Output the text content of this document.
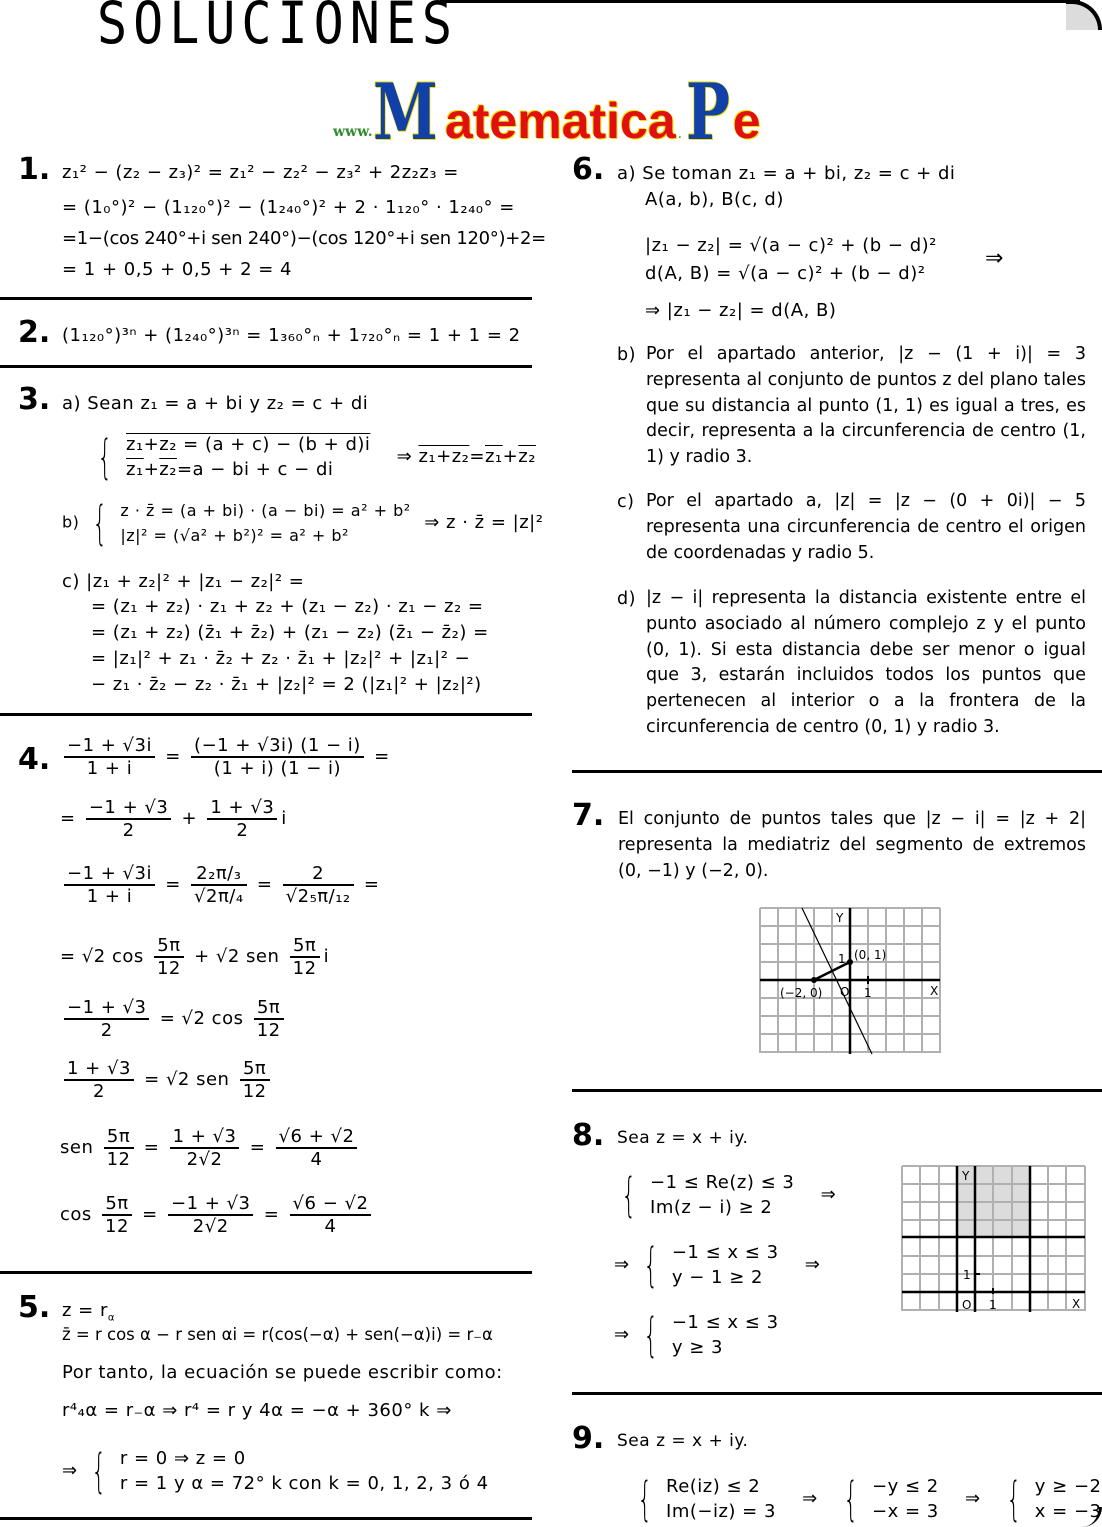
SOLUCIONES
www. M atematica . P e
1. z₁² − (z₂ − z₃)² = z₁² − z₂² − z₃² + 2z₂z₃ =
= (1₀°)² − (1₁₂₀°)² − (1₂₄₀°)² + 2 · 1₁₂₀° · 1₂₄₀° =
=1−(cos 240°+i sen 240°)−(cos 120°+i sen 120°)+2=
= 1 + 0,5 + 0,5 + 2 = 4
2. (1₁₂₀°)³ⁿ + (1₂₄₀°)³ⁿ = 1₃₆₀°ₙ + 1₇₂₀°ₙ = 1 + 1 = 2
3. a) Sean z₁ = a + bi y z₂ = c + di
{ z₁+z₂ = (a + c) − (b + d)i
z₁+z₂=a − bi + c − di
⇒ z₁+z₂=z₁+z₂
b) { z · z̄ = (a + bi) · (a − bi) = a² + b²
|z|² = (√a² + b²)² = a² + b²
⇒ z · z̄ = |z|²
c) |z₁ + z₂|² + |z₁ − z₂|² =
= (z₁ + z₂) · z₁ + z₂ + (z₁ − z₂) · z₁ − z₂ =
= (z₁ + z₂) (z̄₁ + z̄₂) + (z₁ − z₂) (z̄₁ − z̄₂) =
= |z₁|² + z₁ · z̄₂ + z₂ · z̄₁ + |z₂|² + |z₁|² −
− z₁ · z̄₂ − z₂ · z̄₁ + |z₂|² = 2 (|z₁|² + |z₂|²)
4. $\frac{-1 + √3i}{1 + i} = \frac{(-1 + √3i) (1 - i)}{(1 + i) (1 - i)}$ =
= $\frac{-1 + √3}{2} + \frac{1 + √3}{2}$ i
$\frac{-1 + √3i}{1 + i} = \frac{\text{2₂π/₃}}{\text{√2π/₄}} = \frac{2}{\text{√2₅π/₁₂}}$ =
= √2 $\cos \frac{5\pi}{12} + √2$ sen $\frac{5\pi}{12}$ i
$\frac{-1 + √3}{2} = √2$ $\cos \frac{5\pi}{12}$
$\frac{1 + √3}{2} = √2$ sen $\frac{5\pi}{12}$
sen $\frac{5\pi}{12} = \frac{1 + √3}{2√2} = \frac{√6 + √2}{4}$
$\cos \frac{5\pi}{12} = \frac{-1 + √3}{2√2} = \frac{√6 - √2}{4}$
5. $z = r_\alpha$
z̄ = r cos α − r sen αi = r(cos(−α) + sen(−α)i) = r₋α
Por tanto, la ecuación se puede escribir como:
r⁴₄α = r₋α ⇒ r⁴ = r y 4α = −α + 360° k ⇒
⇒ { r = 0 ⇒ z = 0
r = 1 y α = 72° k con k = 0, 1, 2, 3 ó 4
6. a) Se toman z₁ = a + bi, z₂ = c + di
A(a, b), B(c, d)
|z₁ − z₂| = √(a − c)² + (b − d)²
d(A, B) = √(a − c)² + (b − d)²
⇒
⇒ |z₁ − z₂| = d(A, B)
b) Por el apartado anterior, |z − (1 + i)| = 3 representa al conjunto de puntos z del plano tales que su distancia al punto (1, 1) es igual a tres, es decir, representa a la circunferencia de centro (1, 1) y radio 3.
c) Por el apartado a, |z| = |z − (0 + 0i)| − 5 representa una circunferencia de centro el origen de coordenadas y radio 5.
d) |z − i| representa la distancia existente entre el punto asociado al número complejo z y el punto (0, 1). Si esta distancia debe ser menor o igual que 3, estarán incluidos todos los puntos que pertenecen al interior o a la frontera de la circunferencia de centro (0, 1) y radio 3.
7. El conjunto de puntos tales que |z − i| = |z + 2| representa la mediatriz del segmento de extremos (0, −1) y (−2, 0).
Y
X
O 1
1 (0, 1)
(−2, 0)
8. Sea z = x + iy.
{ −1 ≤ Re(z) ≤ 3
Im(z − i) ≥ 2
⇒
⇒ { −1 ≤ x ≤ 3
y − 1 ≥ 2
⇒
⇒ { −1 ≤ x ≤ 3
y ≥ 3
Y
X
O 1
1
9. Sea z = x + iy.
{ Re(iz) ≤ 2
Im(−iz) = 3
⇒ { −y ≤ 2
−x = 3
⇒ { y ≥ −2
x = −3
